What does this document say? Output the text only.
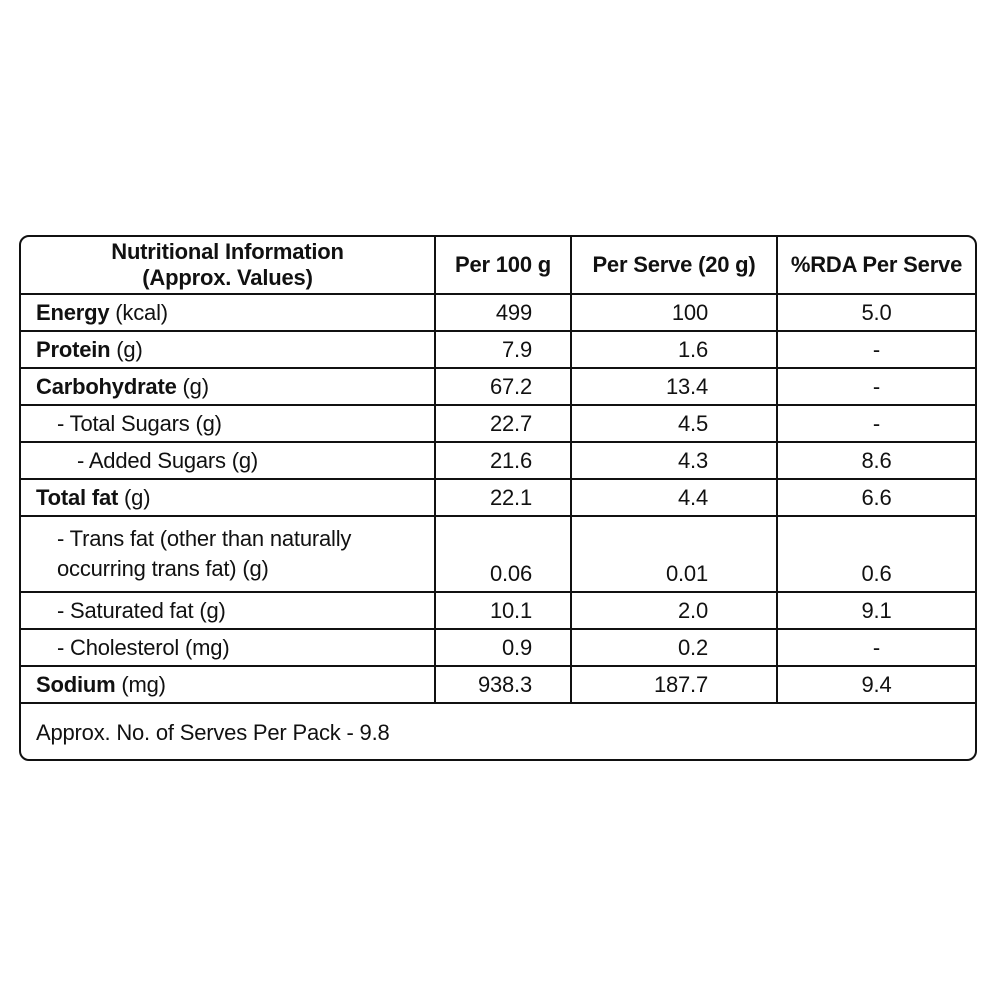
Nutritional Information
(Approx. Values)	Per 100 g	Per Serve (20 g)	%RDA Per Serve
Energy (kcal)	499	100	5.0
Protein (g)	7.9	1.6	-
Carbohydrate (g)	67.2	13.4	-
- Total Sugars (g)	22.7	4.5	-
- Added Sugars (g)	21.6	4.3	8.6
Total fat (g)	22.1	4.4	6.6

- Trans fat (other than naturally
occurring trans fat) (g)	0.06	0.01	0.6
- Saturated fat (g)	10.1	2.0	9.1
- Cholesterol (mg)	0.9	0.2	-
Sodium (mg)	938.3	187.7	9.4
Approx. No. of Serves Per Pack - 9.8
